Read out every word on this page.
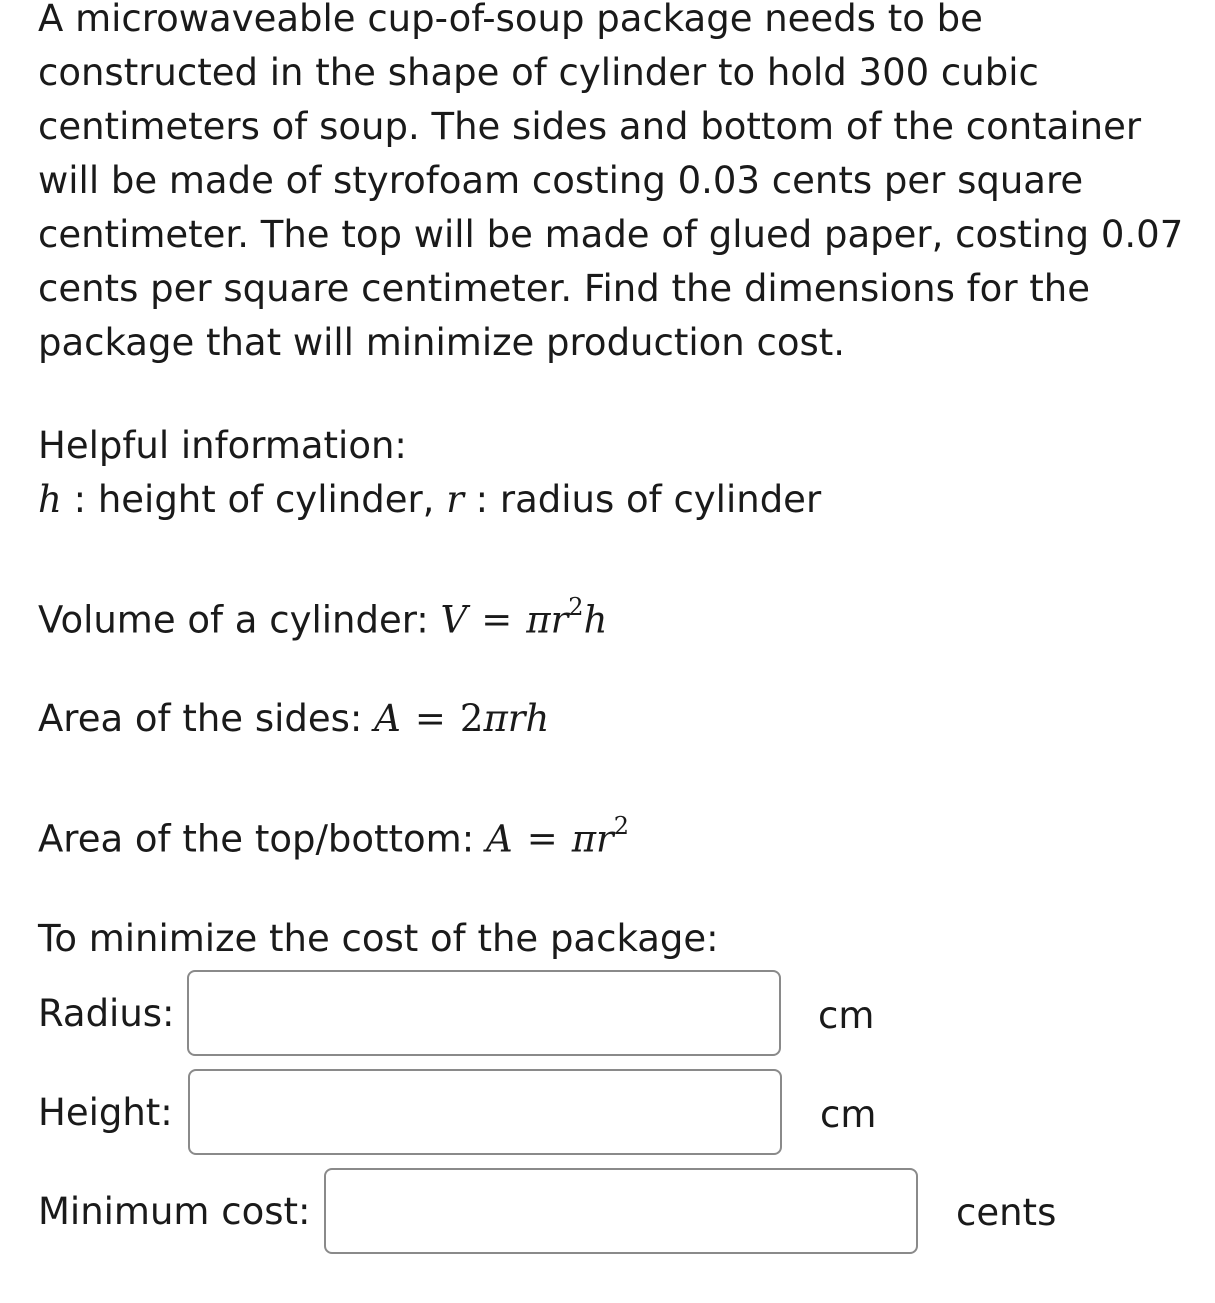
A microwaveable cup-of-soup package needs to be
constructed in the shape of cylinder to hold 300 cubic
centimeters of soup. The sides and bottom of the container
will be made of styrofoam costing 0.03 cents per square
centimeter. The top will be made of glued paper, costing 0.07
cents per square centimeter. Find the dimensions for the
package that will minimize production cost.

Helpful information:
h : height of cylinder, r : radius of cylinder
Volume of a cylinder: $V = \pi r^2h$
Area of the sides: A = 2πrh
Area of the top/bottom: $A = \pi r^2$
To minimize the cost of the package:
Radius:	cm
Height:	cm
Minimum cost:	cents
